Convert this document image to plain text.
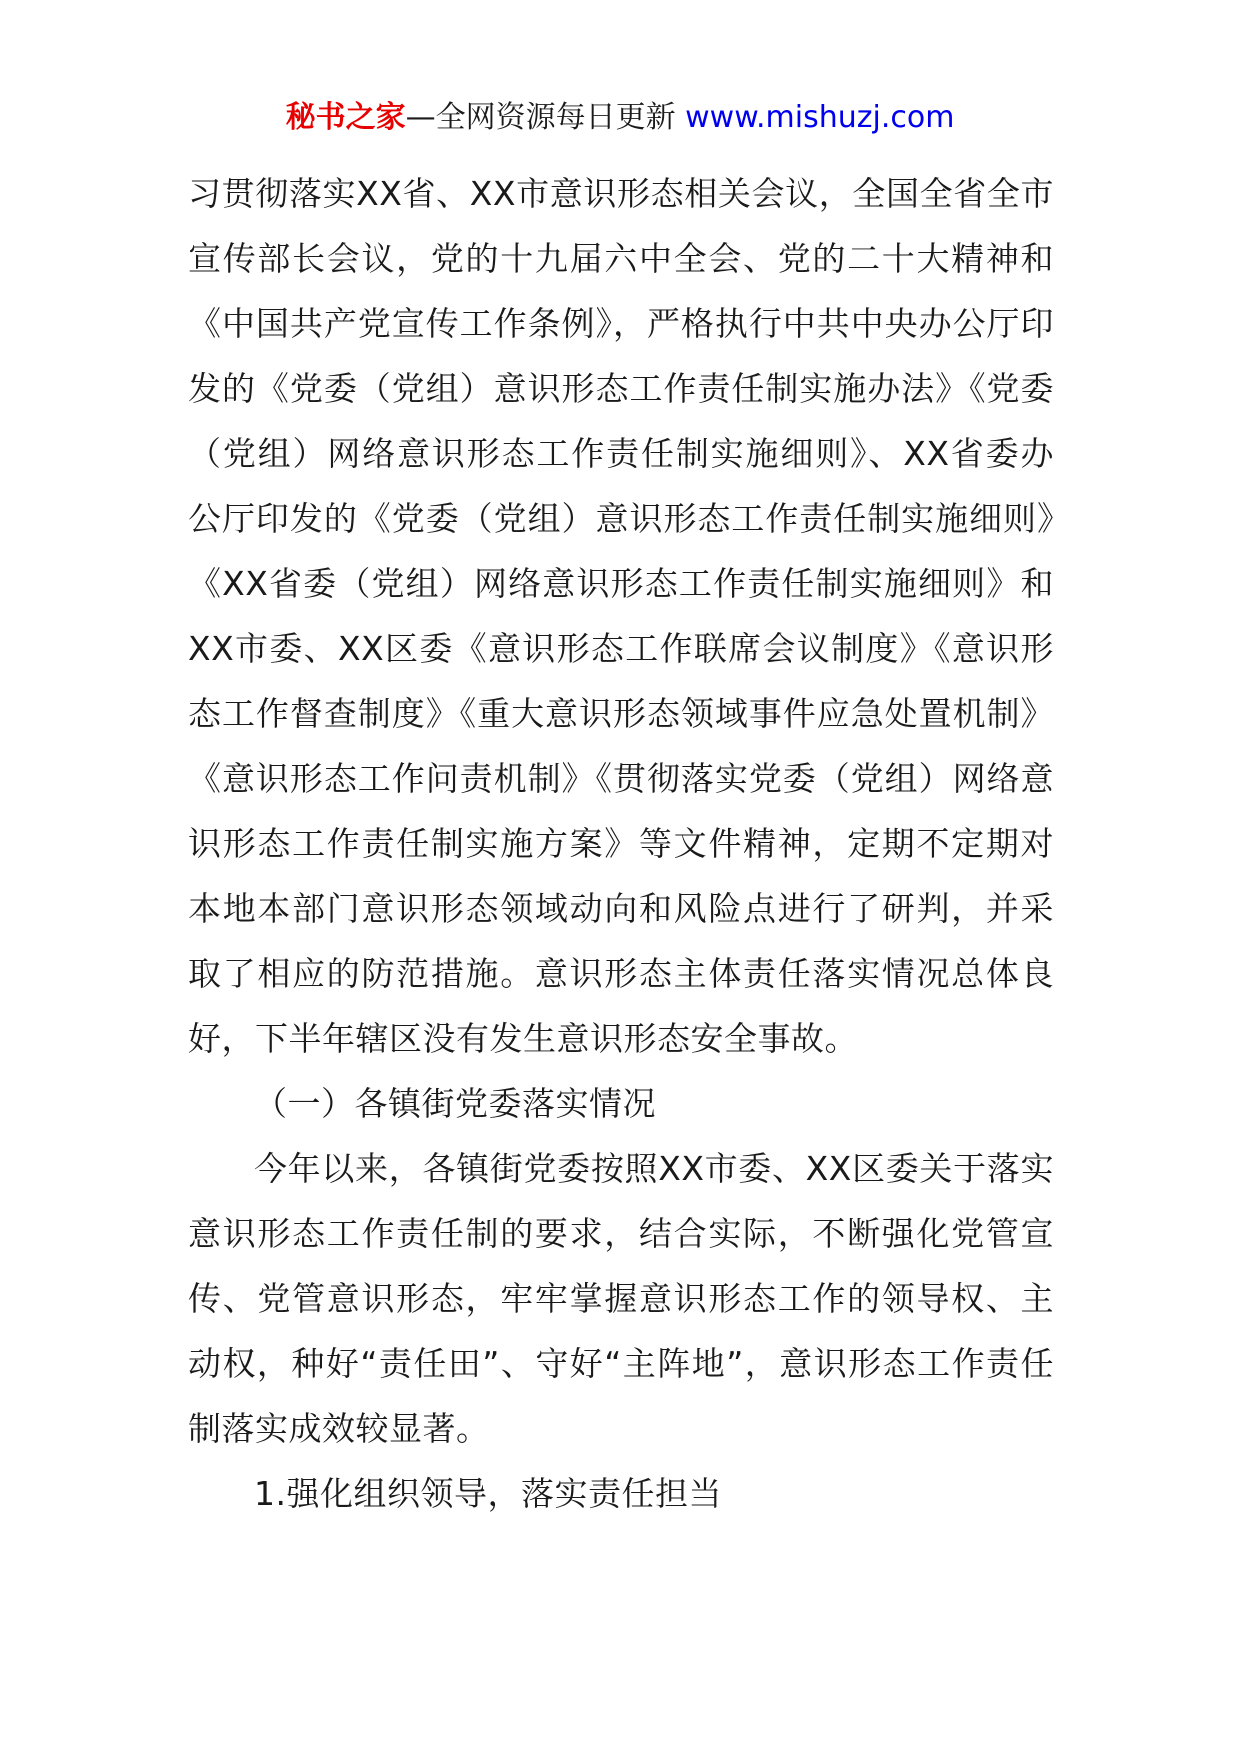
秘书之家—全网资源每日更新 www.mishuzj.com

习贯彻落实XX省、XX市意识形态相关会议，全国全省全市宣传部长会议，党的十九届六中全会、党的二十大精神和《中国共产党宣传工作条例》，严格执行中共中央办公厅印发的《党委（党组）意识形态工作责任制实施办法》《党委（党组）网络意识形态工作责任制实施细则》、XX省委办公厅印发的《党委（党组）意识形态工作责任制实施细则》《XX省委（党组）网络意识形态工作责任制实施细则》和XX市委、XX区委《意识形态工作联席会议制度》《意识形态工作督查制度》《重大意识形态领域事件应急处置机制》《意识形态工作问责机制》《贯彻落实党委（党组）网络意识形态工作责任制实施方案》等文件精神，定期不定期对本地本部门意识形态领域动向和风险点进行了研判，并采取了相应的防范措施。意识形态主体责任落实情况总体良好，下半年辖区没有发生意识形态安全事故。

（一）各镇街党委落实情况

今年以来，各镇街党委按照XX市委、XX区委关于落实意识形态工作责任制的要求，结合实际，不断强化党管宣传、党管意识形态，牢牢掌握意识形态工作的领导权、主动权，种好“责任田”、守好“主阵地”，意识形态工作责任制落实成效较显著。

1.强化组织领导，落实责任担当
